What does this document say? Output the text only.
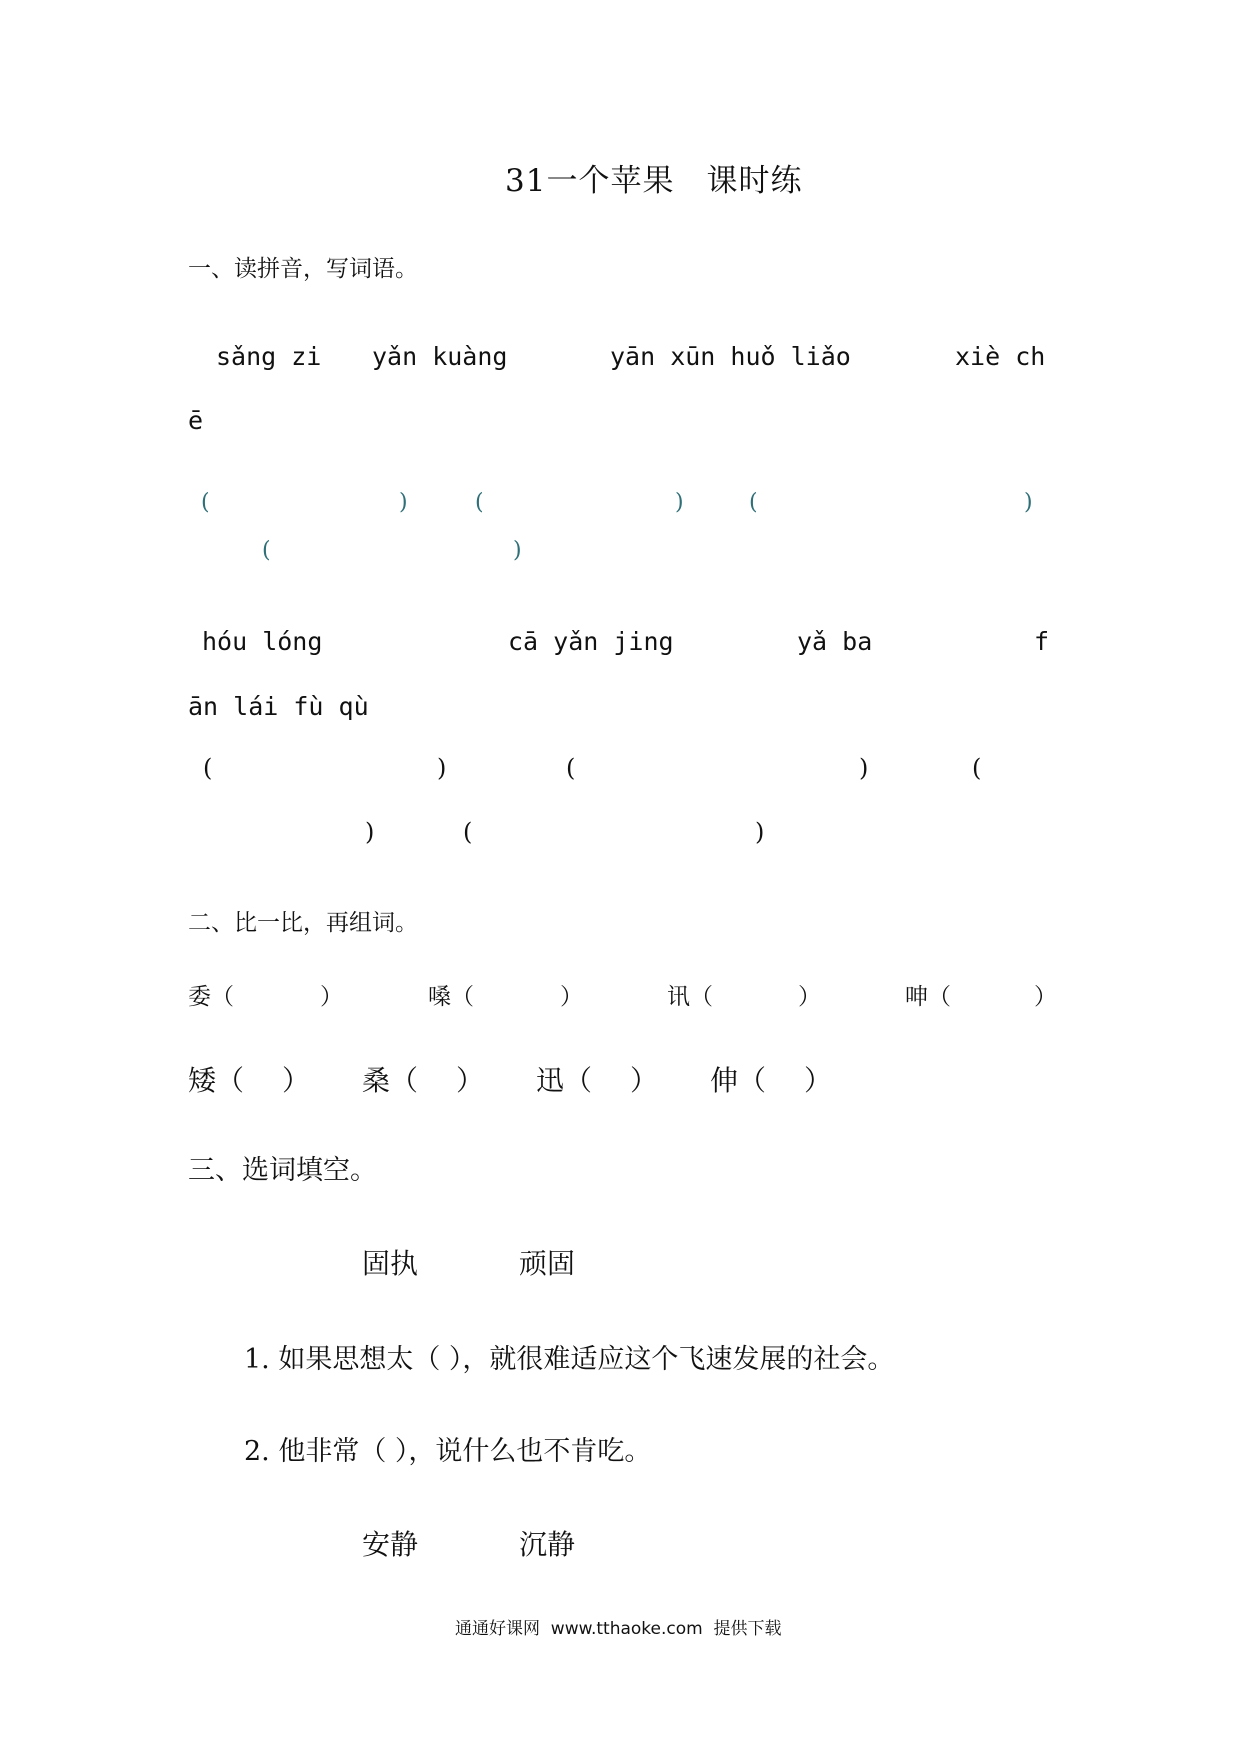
31一个苹果　课时练
一、读拼音，写词语。
sǎng zi yǎn kuàng	yān xūn huǒ liǎo	xiè ch
ē
(	)	(	)	(	)
(	)
hóu lóng	cā yǎn jing	yǎ ba	f
ān lái fù qù
(	)	(	)	(
)	(	)
二、比一比，再组词。
委（	）	嗓（	）	讯（	）	呻（	）
矮（ ） 桑（ ） 迅（ ） 伸（ ）
三、选词填空。
固执	顽固
1. 如果思想太（ ），就很难适应这个飞速发展的社会。
2. 他非常（ ），说什么也不肯吃。
安静	沉静
通通好课网  www.tthaoke.com  提供下载
